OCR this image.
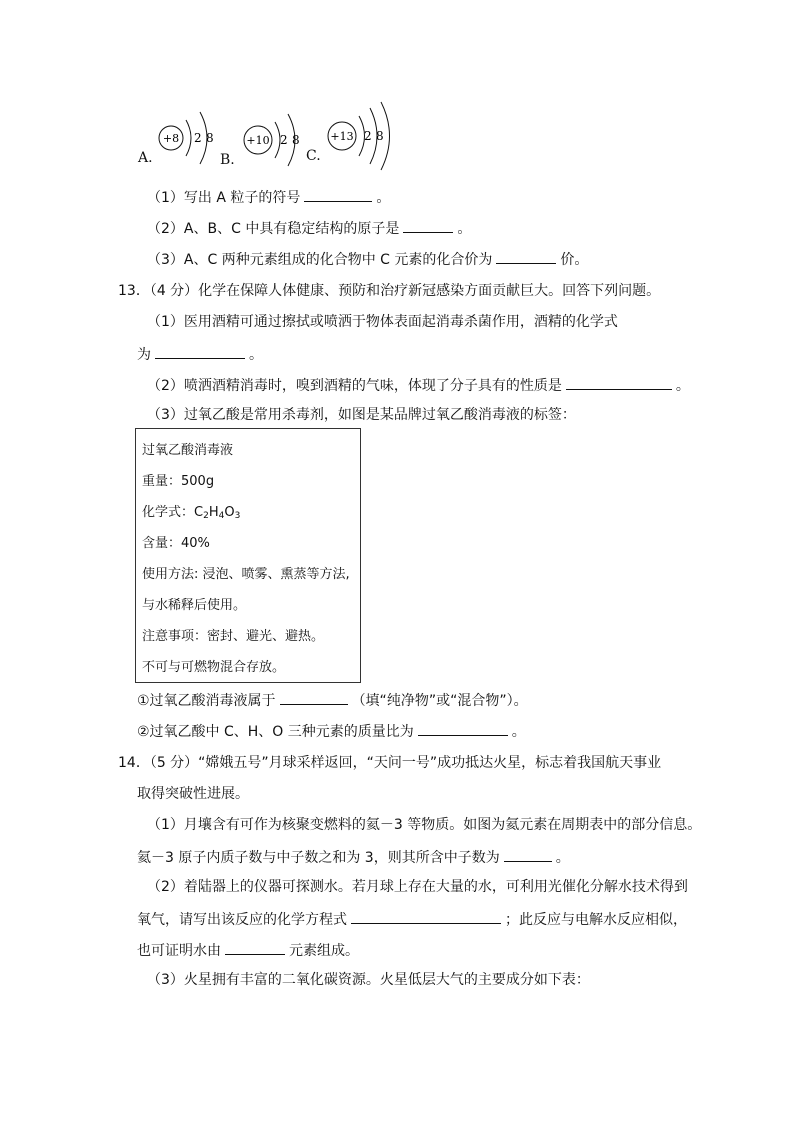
+8 2 8	+10 2 8	+13 2 8
A.	B.	C.
（1）写出 A 粒子的符号	。
（2）A、B、C 中具有稳定结构的原子是	。
（3）A、C 两种元素组成的化合物中 C 元素的化合价为	价。
13．（4 分）化学在保障人体健康、预防和治疗新冠感染方面贡献巨大。回答下列问题。
（1）医用酒精可通过擦拭或喷洒于物体表面起消毒杀菌作用，酒精的化学式
为	。
（2）喷洒酒精消毒时，嗅到酒精的气味，体现了分子具有的性质是	。
（3）过氧乙酸是常用杀毒剂，如图是某品牌过氧乙酸消毒液的标签：
过氧乙酸消毒液
重量：500g
化学式：$C_2H_4O_3$
含量：40%
使用方法: 浸泡、喷雾、熏蒸等方法,
与水稀释后使用。
注意事项：密封、避光、避热。
不可与可燃物混合存放。
①过氧乙酸消毒液属于	（填“纯净物”或“混合物”）。
②过氧乙酸中 C、H、O 三种元素的质量比为	。
14．（5 分）“嫦娥五号”月球采样返回，“天问一号”成功抵达火星，标志着我国航天事业
取得突破性进展。
（1）月壤含有可作为核聚变燃料的氦－3 等物质。如图为氦元素在周期表中的部分信息。
氦－3 原子内质子数与中子数之和为 3，则其所含中子数为	。
（2）着陆器上的仪器可探测水。若月球上存在大量的水，可利用光催化分解水技术得到
氧气，请写出该反应的化学方程式	；此反应与电解水反应相似，
也可证明水由	元素组成。
（3）火星拥有丰富的二氧化碳资源。火星低层大气的主要成分如下表：
